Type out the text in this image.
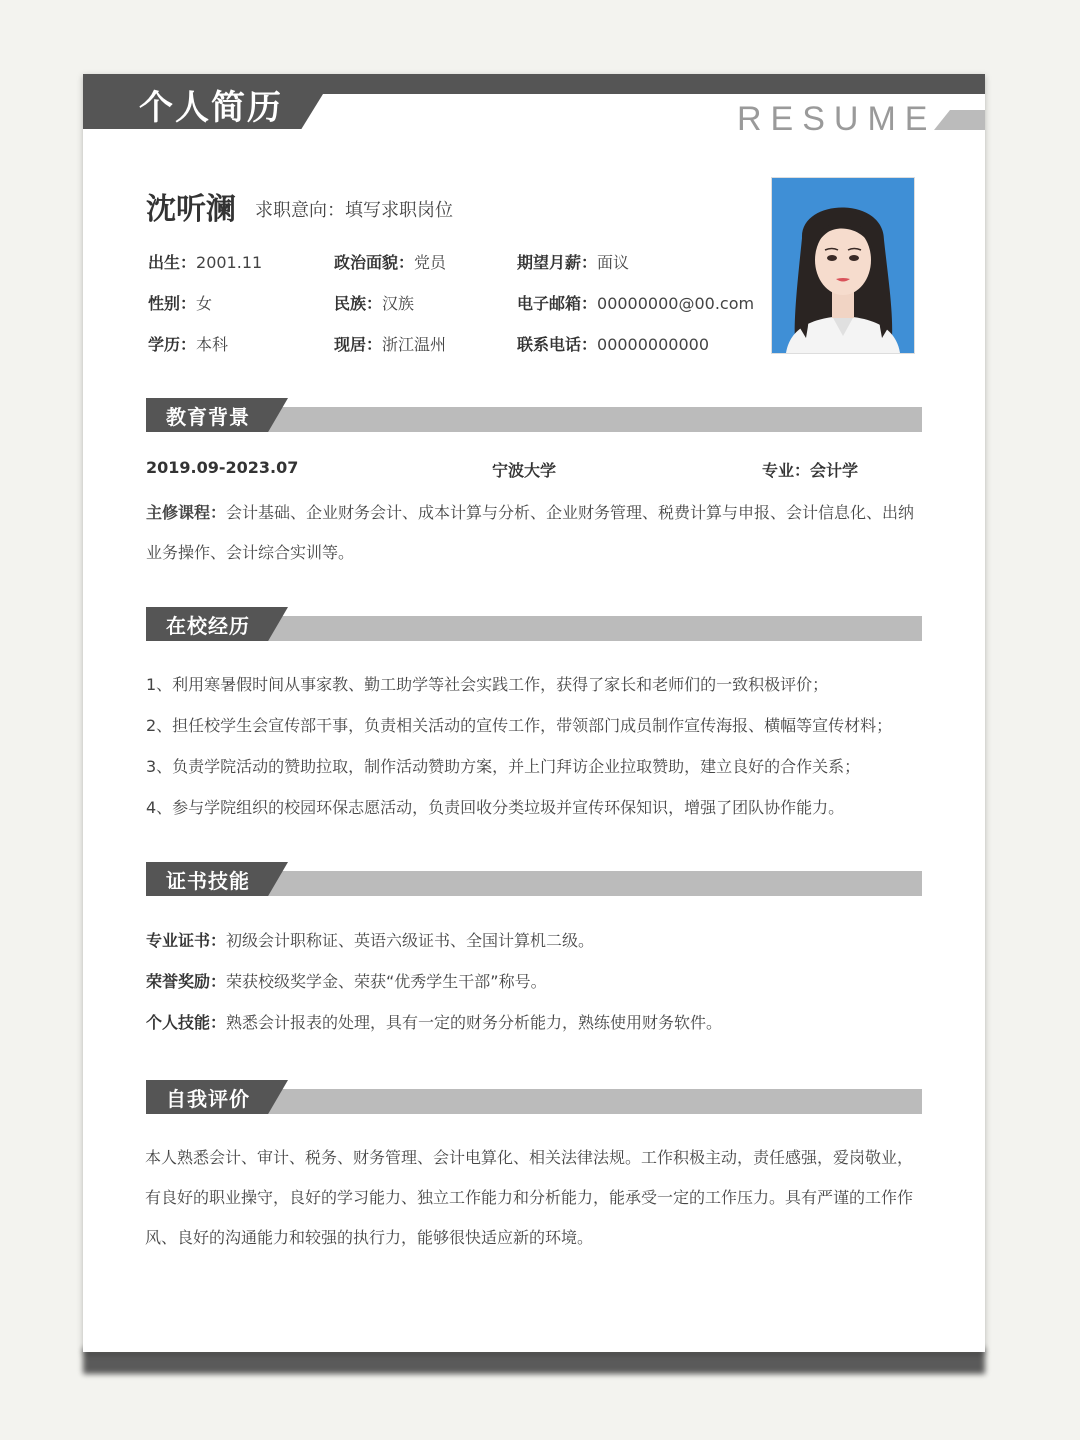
个人简历	RESUME
沈听澜 求职意向：填写求职岗位
出生：2001.11	政治面貌：党员	期望月薪：面议
性别：女	民族：汉族	电子邮箱：00000000@00.com
学历：本科	现居：浙江温州	联系电话：00000000000
教育背景
2019.09-2023.07	宁波大学	专业：会计学
主修课程：会计基础、企业财务会计、成本计算与分析、企业财务管理、税费计算与申报、会计信息化、出纳业务操作、会计综合实训等。
在校经历
1、利用寒暑假时间从事家教、勤工助学等社会实践工作，获得了家长和老师们的一致积极评价；
2、担任校学生会宣传部干事，负责相关活动的宣传工作，带领部门成员制作宣传海报、横幅等宣传材料；
3、负责学院活动的赞助拉取，制作活动赞助方案，并上门拜访企业拉取赞助，建立良好的合作关系；
4、参与学院组织的校园环保志愿活动，负责回收分类垃圾并宣传环保知识，增强了团队协作能力。
证书技能
专业证书：初级会计职称证、英语六级证书、全国计算机二级。
荣誉奖励：荣获校级奖学金、荣获“优秀学生干部”称号。
个人技能：熟悉会计报表的处理，具有一定的财务分析能力，熟练使用财务软件。
自我评价
本人熟悉会计、审计、税务、财务管理、会计电算化、相关法律法规。工作积极主动，责任感强，爱岗敬业，有良好的职业操守，良好的学习能力、独立工作能力和分析能力，能承受一定的工作压力。具有严谨的工作作风、良好的沟通能力和较强的执行力，能够很快适应新的环境。
